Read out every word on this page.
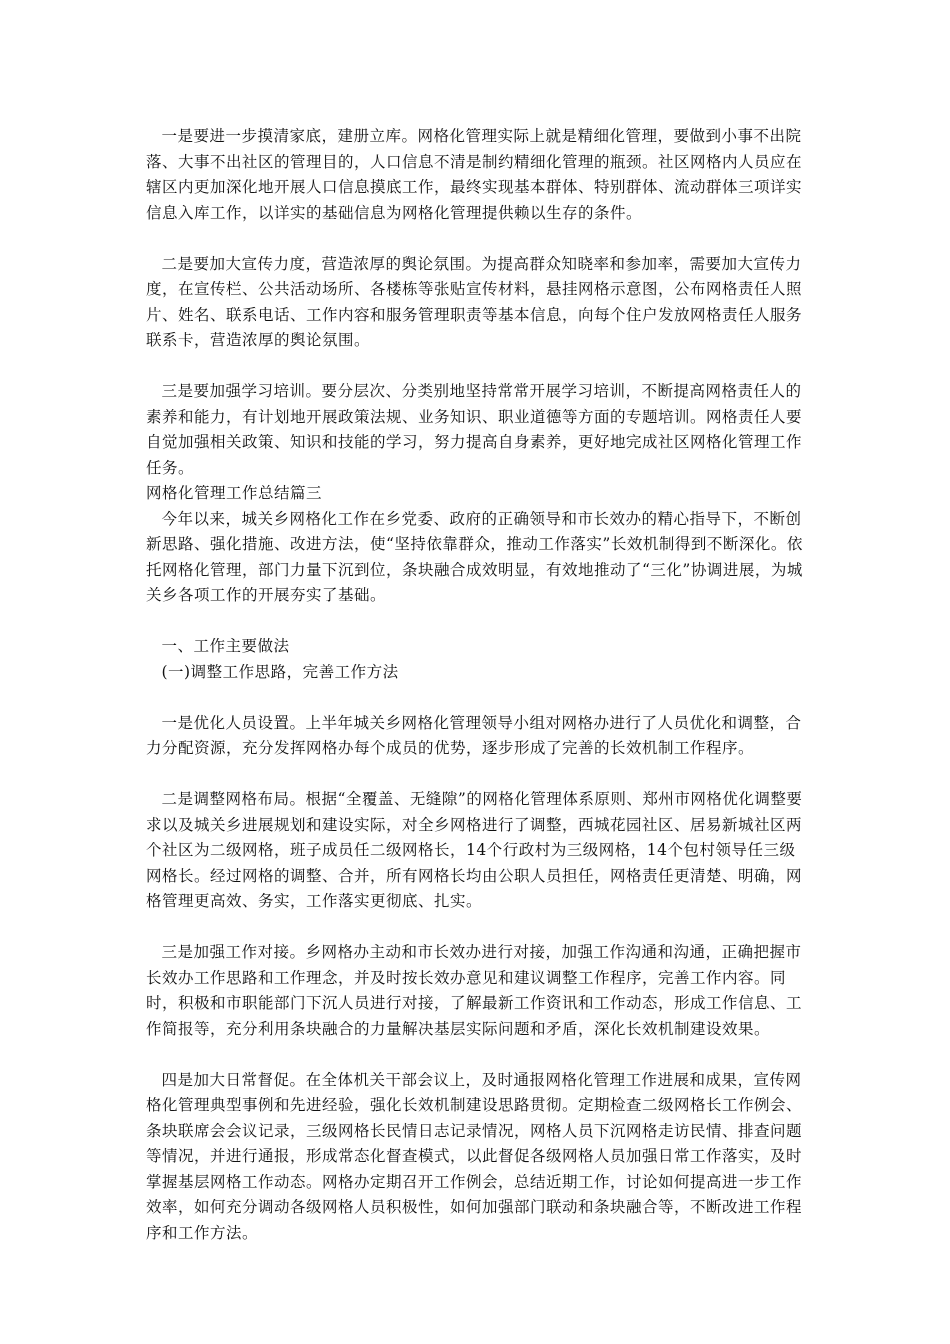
一是要进一步摸清家底，建册立库。网格化管理实际上就是精细化管理，要做到小事不出院落、大事不出社区的管理目的，人口信息不清是制约精细化管理的瓶颈。社区网格内人员应在辖区内更加深化地开展人口信息摸底工作，最终实现基本群体、特别群体、流动群体三项详实信息入库工作，以详实的基础信息为网格化管理提供赖以生存的条件。

二是要加大宣传力度，营造浓厚的舆论氛围。为提高群众知晓率和参加率，需要加大宣传力度，在宣传栏、公共活动场所、各楼栋等张贴宣传材料，悬挂网格示意图，公布网格责任人照片、姓名、联系电话、工作内容和服务管理职责等基本信息，向每个住户发放网格责任人服务联系卡，营造浓厚的舆论氛围。

三是要加强学习培训。要分层次、分类别地坚持常常开展学习培训，不断提高网格责任人的素养和能力，有计划地开展政策法规、业务知识、职业道德等方面的专题培训。网格责任人要自觉加强相关政策、知识和技能的学习，努力提高自身素养，更好地完成社区网格化管理工作任务。

网格化管理工作总结篇三

今年以来，城关乡网格化工作在乡党委、政府的正确领导和市长效办的精心指导下，不断创新思路、强化措施、改进方法，使“坚持依靠群众，推动工作落实”长效机制得到不断深化。依托网格化管理，部门力量下沉到位，条块融合成效明显，有效地推动了“三化”协调进展，为城关乡各项工作的开展夯实了基础。

一、工作主要做法

(一)调整工作思路，完善工作方法

一是优化人员设置。上半年城关乡网格化管理领导小组对网格办进行了人员优化和调整，合力分配资源，充分发挥网格办每个成员的优势，逐步形成了完善的长效机制工作程序。

二是调整网格布局。根据“全覆盖、无缝隙”的网格化管理体系原则、郑州市网格优化调整要求以及城关乡进展规划和建设实际，对全乡网格进行了调整，西城花园社区、居易新城社区两个社区为二级网格，班子成员任二级网格长，14个行政村为三级网格，14个包村领导任三级网格长。经过网格的调整、合并，所有网格长均由公职人员担任，网格责任更清楚、明确，网格管理更高效、务实，工作落实更彻底、扎实。

三是加强工作对接。乡网格办主动和市长效办进行对接，加强工作沟通和沟通，正确把握市长效办工作思路和工作理念，并及时按长效办意见和建议调整工作程序，完善工作内容。同时，积极和市职能部门下沉人员进行对接，了解最新工作资讯和工作动态，形成工作信息、工作简报等，充分利用条块融合的力量解决基层实际问题和矛盾，深化长效机制建设效果。

四是加大日常督促。在全体机关干部会议上，及时通报网格化管理工作进展和成果，宣传网格化管理典型事例和先进经验，强化长效机制建设思路贯彻。定期检查二级网格长工作例会、条块联席会会议记录，三级网格长民情日志记录情况，网格人员下沉网格走访民情、排查问题等情况，并进行通报，形成常态化督查模式，以此督促各级网格人员加强日常工作落实，及时掌握基层网格工作动态。网格办定期召开工作例会，总结近期工作，讨论如何提高进一步工作效率，如何充分调动各级网格人员积极性，如何加强部门联动和条块融合等，不断改进工作程序和工作方法。
